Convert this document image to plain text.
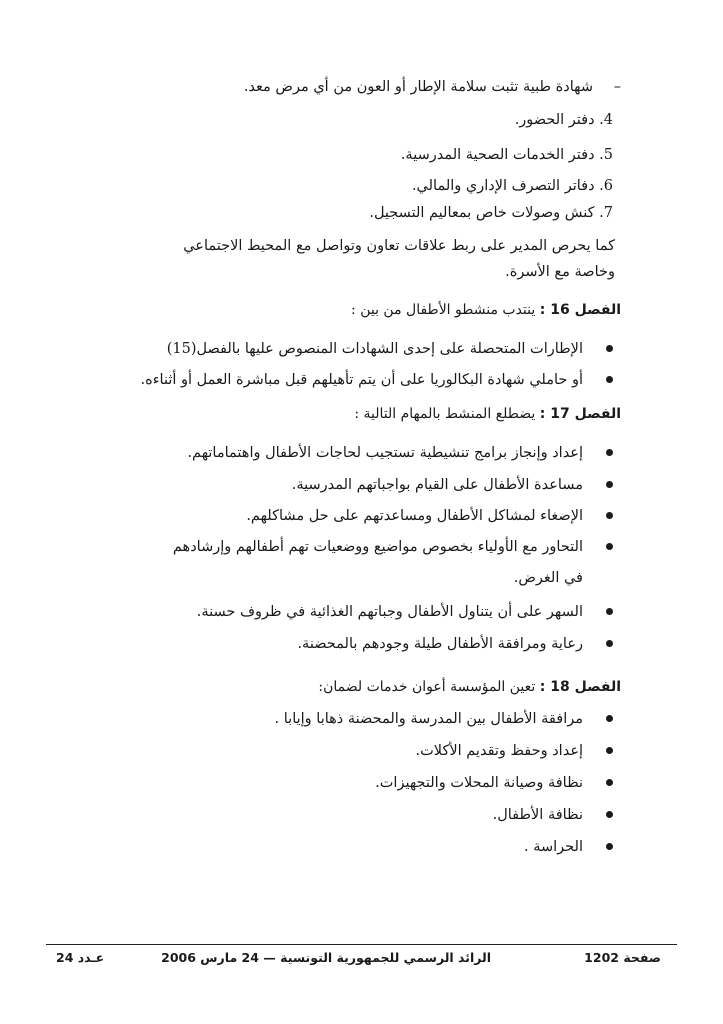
–
شهادة طبية تثبت سلامة الإطار أو العون من أي مرض معد.
4. دفتر الحضور.
5. دفتر الخدمات الصحية المدرسية.
6. دفاتر التصرف الإداري والمالي.
7. كنش وصولات خاص بمعاليم التسجيل.
كما يحرص المدير على ربط علاقات تعاون وتواصل مع المحيط الاجتماعي
وخاصة مع الأسرة.
الفصل 16 : ينتدب منشطو الأطفال من بين :
الإطارات المتحصلة على إحدى الشهادات المنصوص عليها بالفصل(15)
أو حاملي شهادة البكالوريا على أن يتم تأهيلهم قبل مباشرة العمل أو أثناءه.
الفصل 17 : يضطلع المنشط بالمهام التالية :
إعداد وإنجاز برامج تنشيطية تستجيب لحاجات الأطفال واهتماماتهم.
مساعدة الأطفال على القيام بواجباتهم المدرسية.
الإصغاء لمشاكل الأطفال ومساعدتهم على حل مشاكلهم.
التحاور مع الأولياء بخصوص مواضيع ووضعيات تهم أطفالهم وإرشادهم
في الغرض.
السهر على أن يتناول الأطفال وجباتهم الغذائية في ظروف حسنة.
رعاية ومرافقة الأطفال طيلة وجودهم بالمحضنة.
الفصل 18 : تعين المؤسسة أعوان خدمات لضمان:
مرافقة الأطفال بين المدرسة والمحضنة ذهابا وإيابا .
إعداد وحفظ وتقديم الأكلات.
نظافة وصيانة المحلات والتجهيزات.
نظافة الأطفال.
الحراسة .
صفحة 1202
الرائد الرسمي للجمهورية التونسية — 24 مارس 2006
عـدد 24
